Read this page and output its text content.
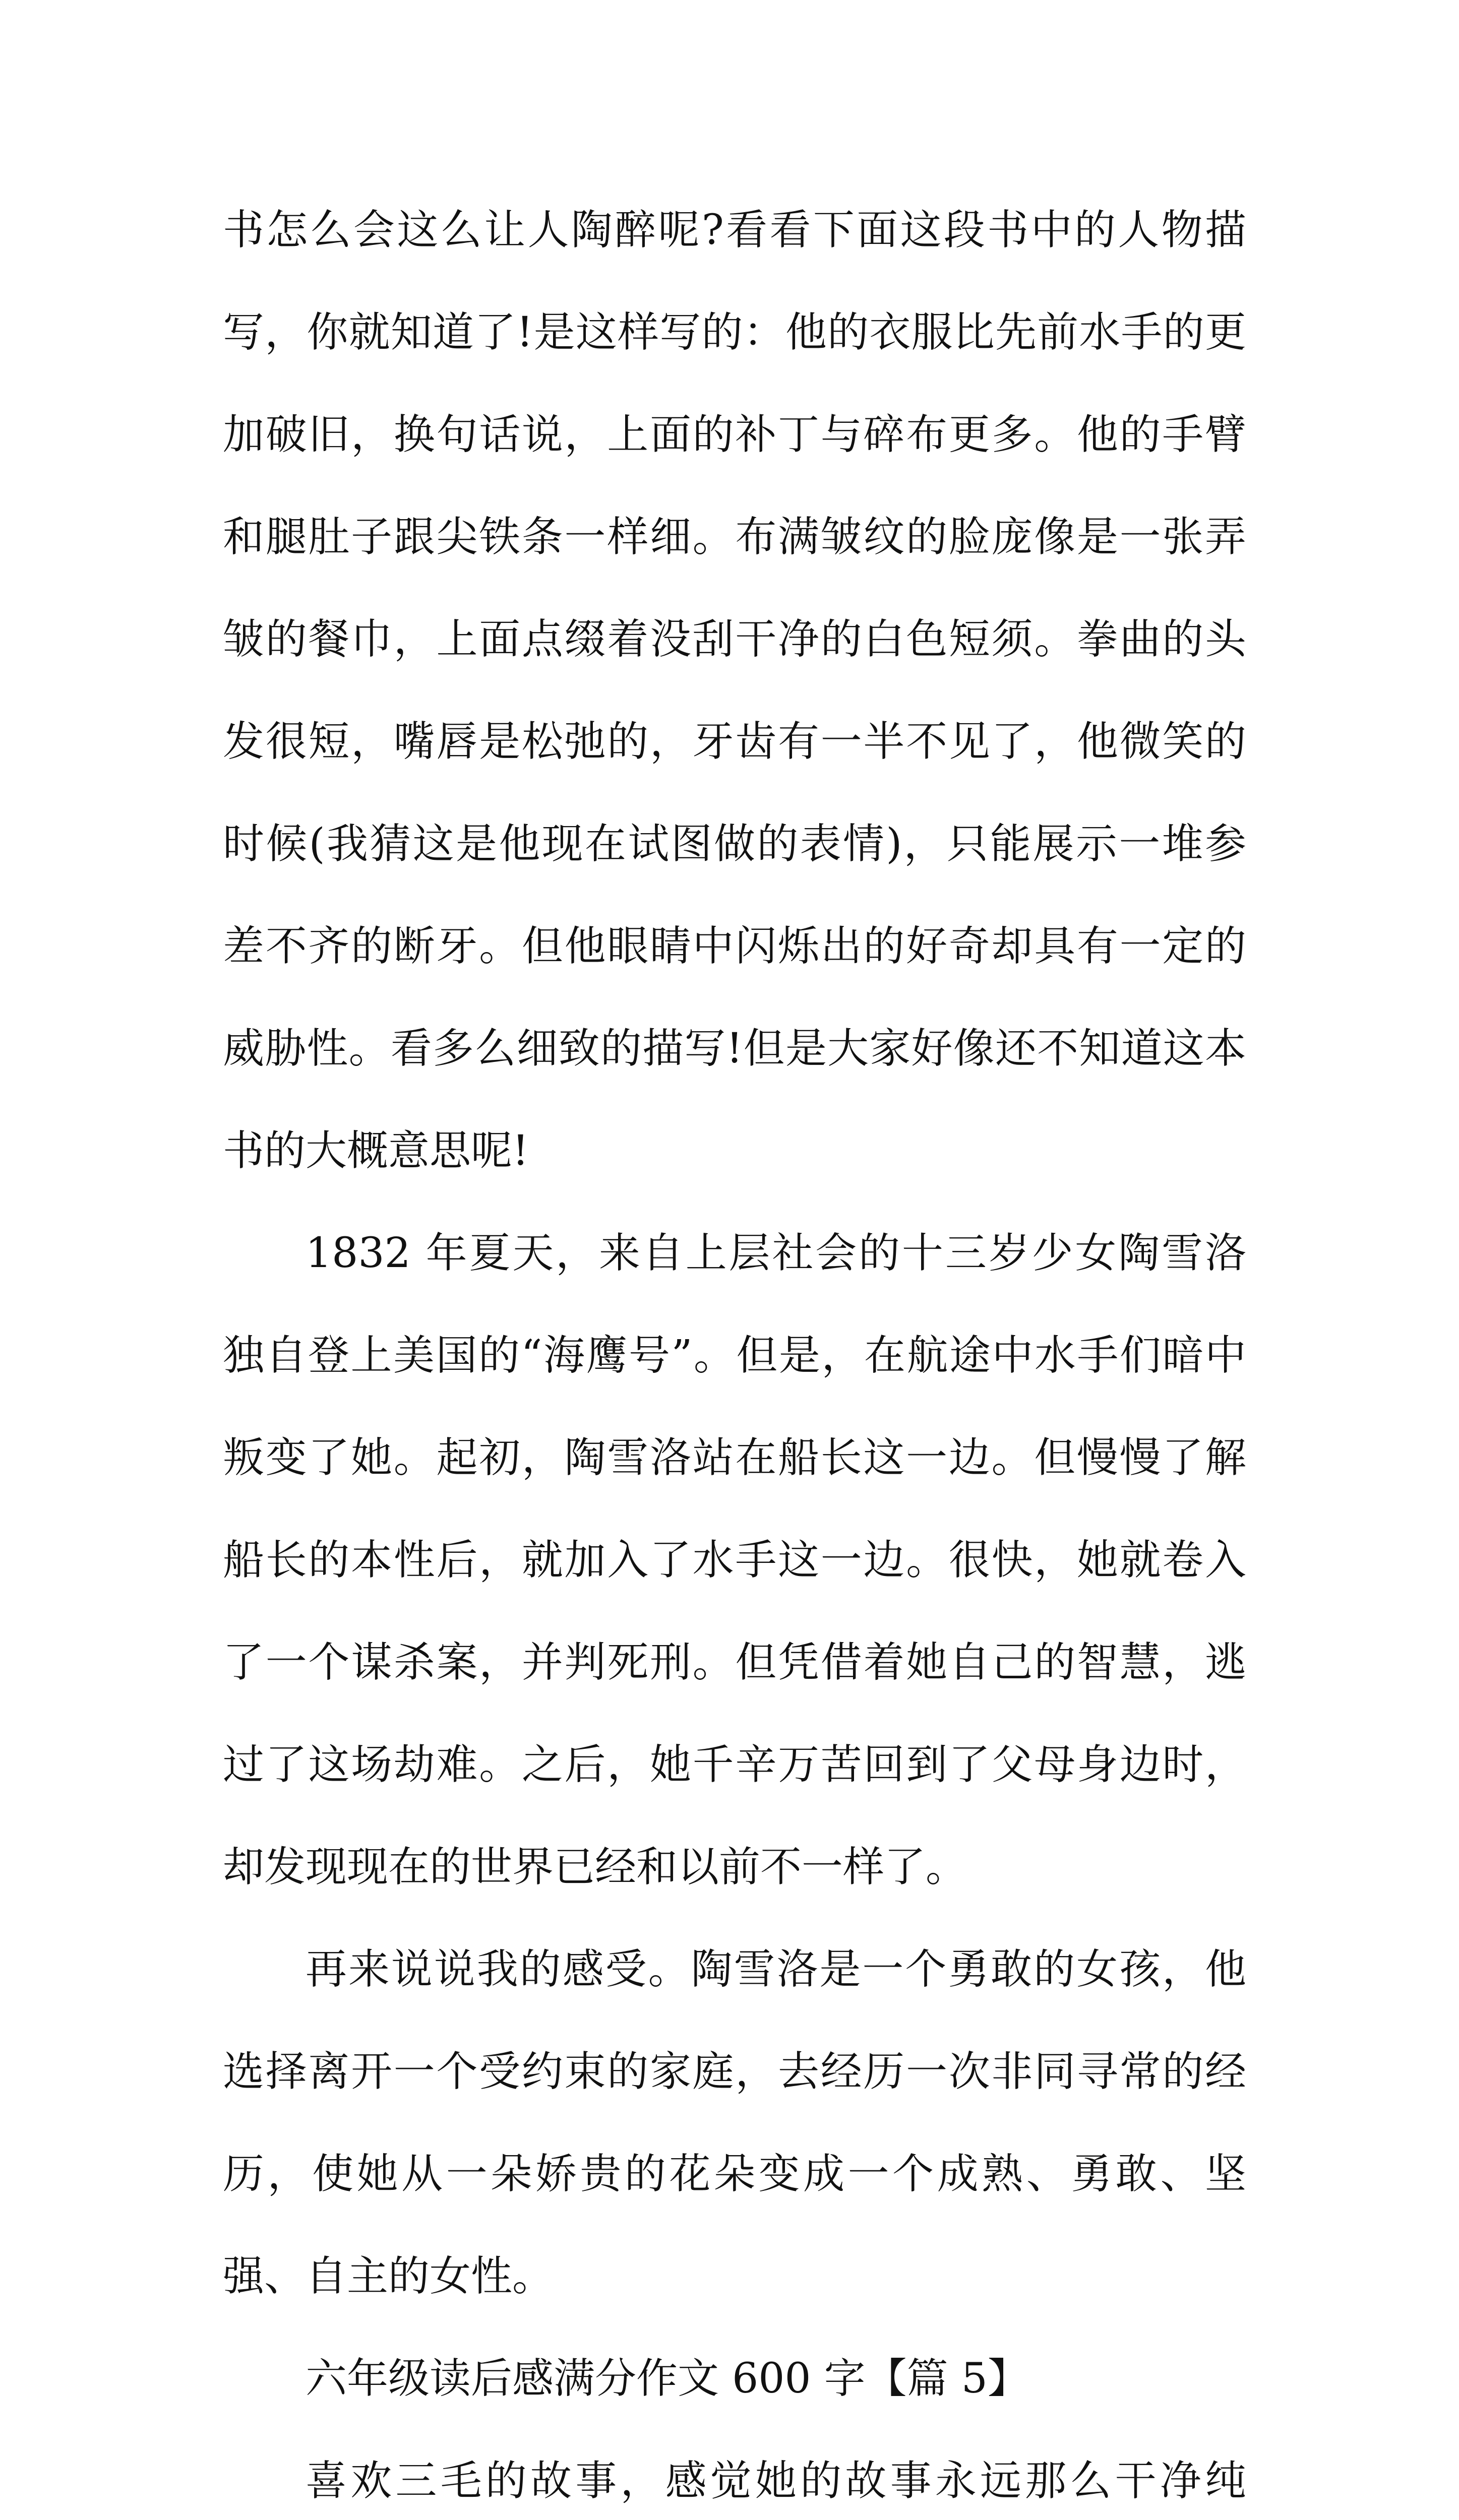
书怎么会这么让人陶醉呢?看看下面这段书中的人物描写，你就知道了!是这样写的：他的衣服比先前水手的更加破旧，换句话说，上面的补丁与碎布更多。他的手臂和腿肚子跟尖铁条一样细。布满皱纹的脸庞像是一张弄皱的餐巾，上面点缀着没刮干净的白色短须。拳曲的头发很短，嘴唇是松弛的，牙齿有一半不见了，他微笑的时候(我猜这是他现在试图做的表情)，只能展示一堆参差不齐的断牙。但他眼睛中闪烁出的好奇却具有一定的威胁性。看多么细致的描写!但是大家好像还不知道这本书的大概意思呢!

1832 年夏天，来自上层社会的十三岁少女陶雪洛独自登上美国的“海鹰号”。但是，在航途中水手们暗中叛变了她。起初，陶雪洛站在船长这一边。但慢慢了解船长的本性后，就加入了水手这一边。很快，她就卷入了一个谋杀案，并判死刑。但凭借着她自己的智慧，逃过了这场劫难。之后，她千辛万苦回到了父母身边时，却发现现在的世界已经和以前不一样了。

再来说说我的感受。陶雪洛是一个勇敢的女孩，他选择离开一个受约束的家庭，去经历一次非同寻常的经历，使她从一朵娇贵的花朵变成一个成熟、勇敢、坚强、自主的女性。

六年级读后感满分作文 600 字【篇 5】

喜欢三毛的故事，感觉她的故事永远那么干净纯
